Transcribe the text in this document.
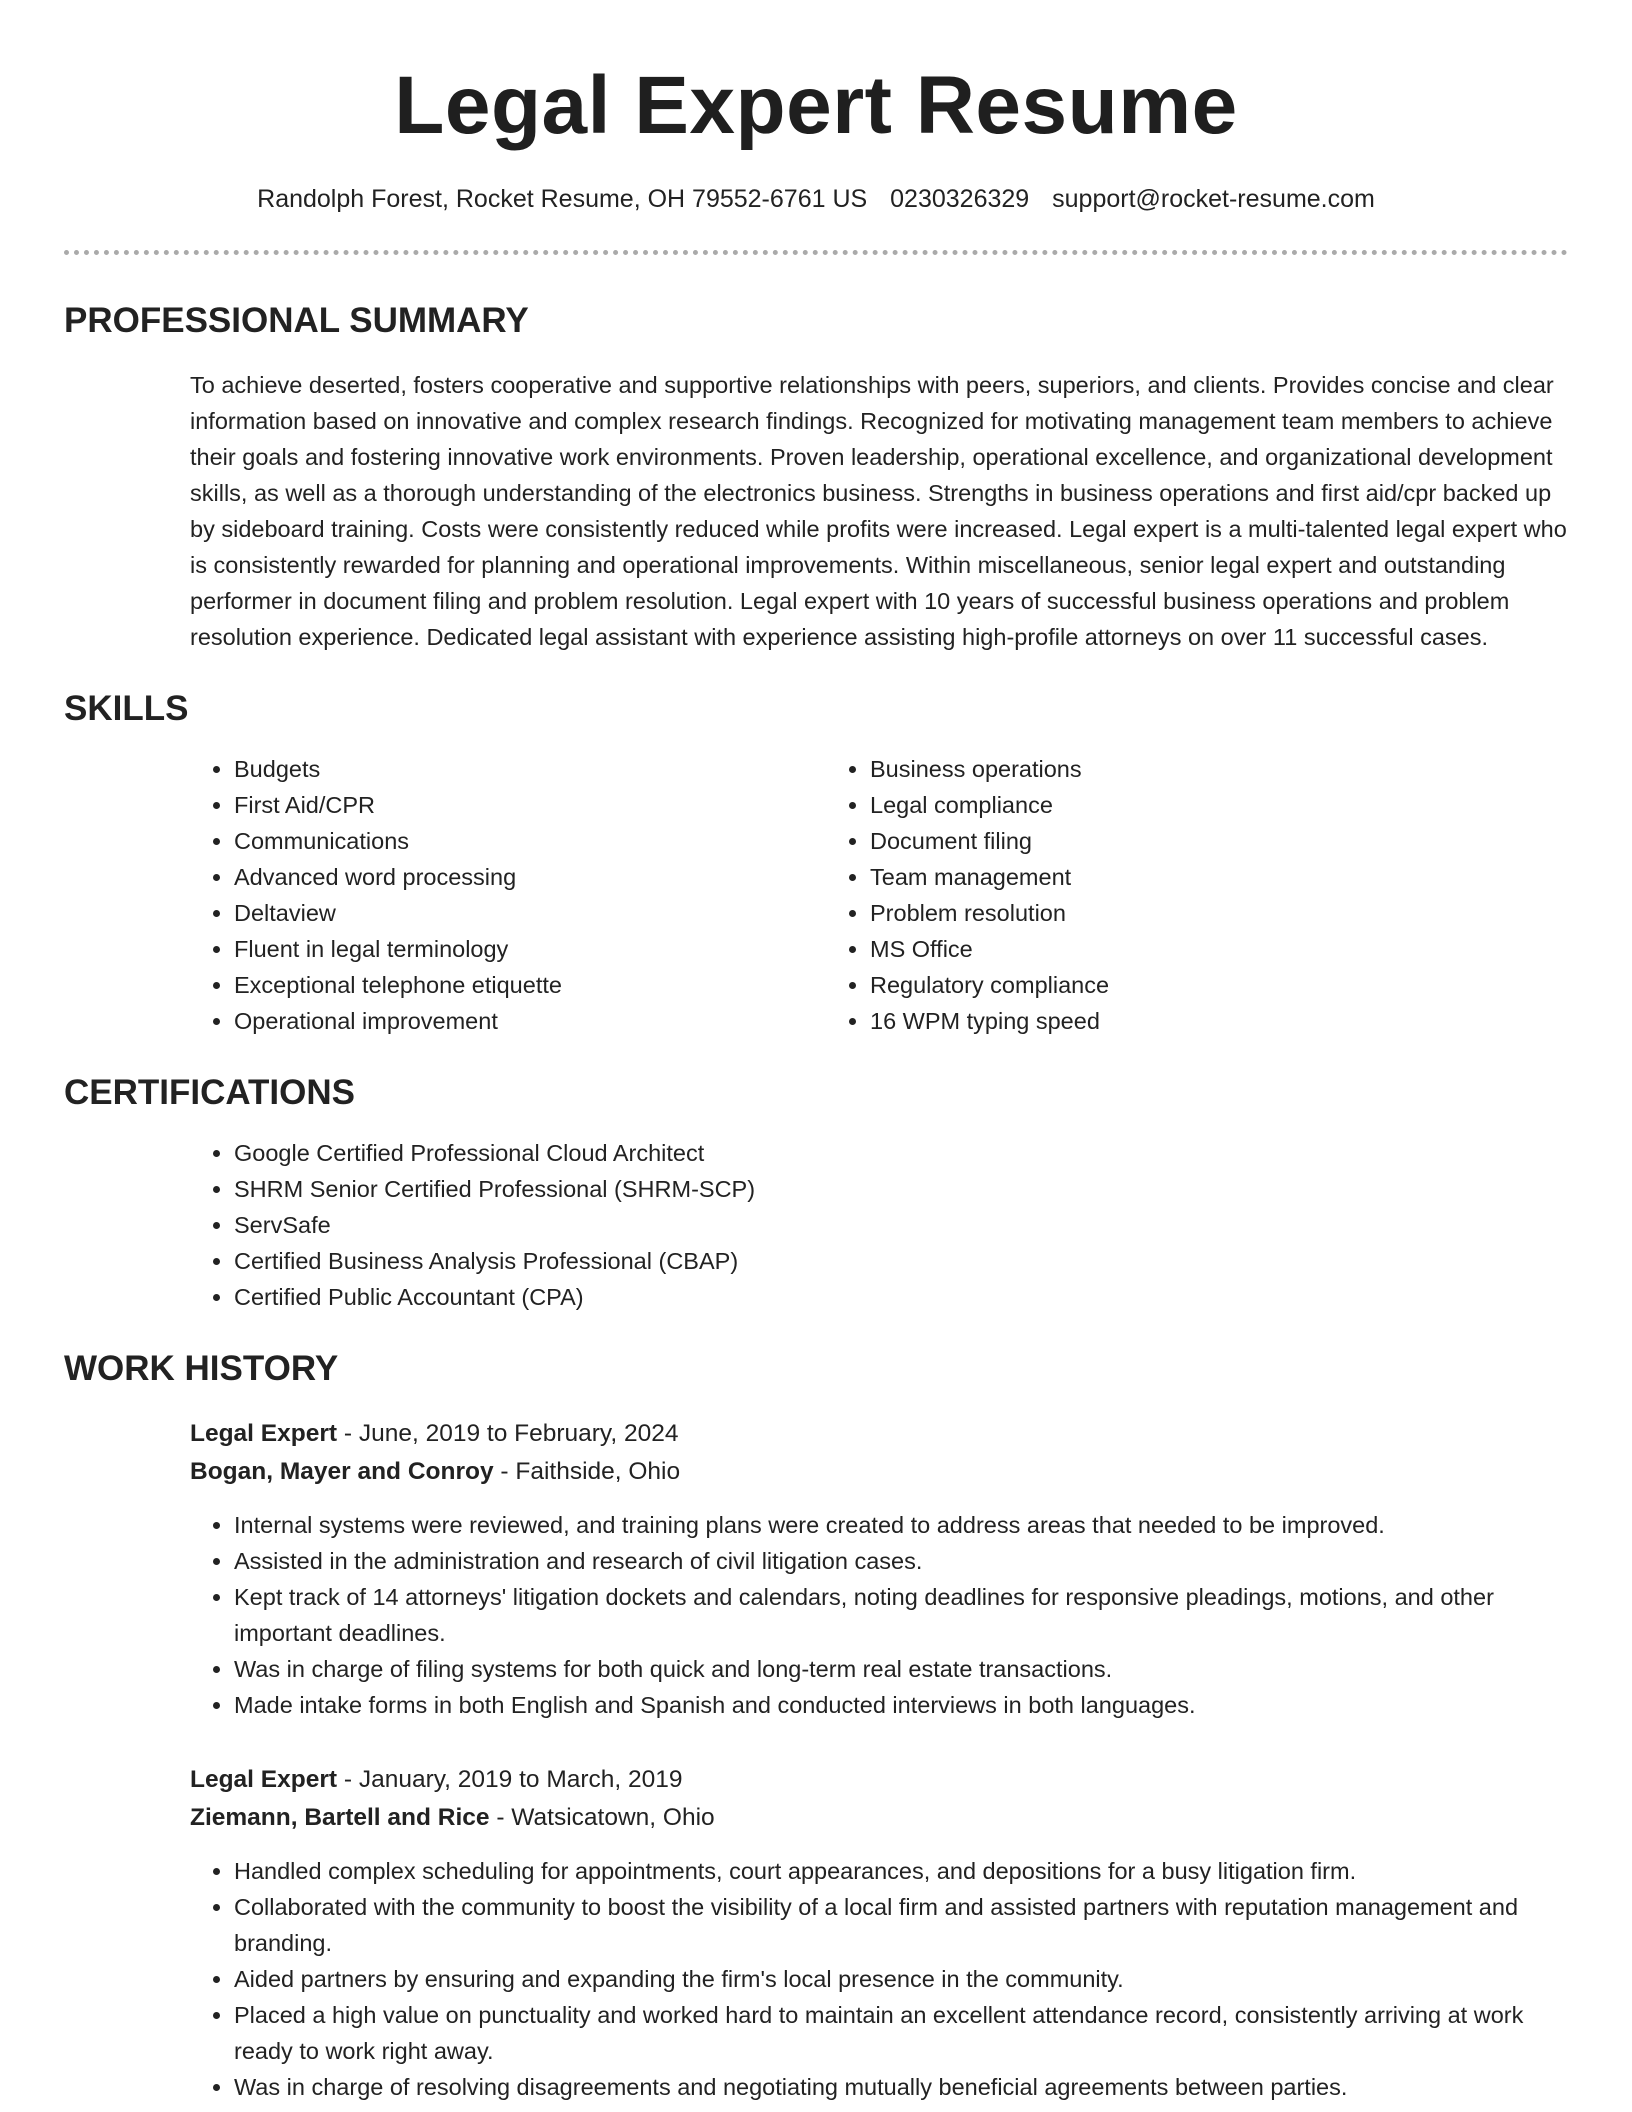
Legal Expert Resume
Randolph Forest, Rocket Resume, OH 79552-6761 US 0230326329 support@rocket-resume.com
PROFESSIONAL SUMMARY

To achieve deserted, fosters cooperative and supportive relationships with peers, superiors, and clients. Provides concise and clear information based on innovative and complex research findings. Recognized for motivating management team members to achieve their goals and fostering innovative work environments. Proven leadership, operational excellence, and organizational development skills, as well as a thorough understanding of the electronics business. Strengths in business operations and first aid/cpr backed up by sideboard training. Costs were consistently reduced while profits were increased. Legal expert is a multi-talented legal expert who is consistently rewarded for planning and operational improvements. Within miscellaneous, senior legal expert and outstanding performer in document filing and problem resolution. Legal expert with 10 years of successful business operations and problem resolution experience. Dedicated legal assistant with experience assisting high-profile attorneys on over 11 successful cases.

SKILLS
• Budgets
• First Aid/CPR
• Communications
• Advanced word processing
• Deltaview
• Fluent in legal terminology
• Exceptional telephone etiquette
• Operational improvement
• Business operations
• Legal compliance
• Document filing
• Team management
• Problem resolution
• MS Office
• Regulatory compliance
• 16 WPM typing speed
CERTIFICATIONS
• Google Certified Professional Cloud Architect
• SHRM Senior Certified Professional (SHRM-SCP)
• ServSafe
• Certified Business Analysis Professional (CBAP)
• Certified Public Accountant (CPA)
WORK HISTORY
Legal Expert - June, 2019 to February, 2024
Bogan, Mayer and Conroy - Faithside, Ohio
• Internal systems were reviewed, and training plans were created to address areas that needed to be improved.
• Assisted in the administration and research of civil litigation cases.
• Kept track of 14 attorneys' litigation dockets and calendars, noting deadlines for responsive pleadings, motions, and other important deadlines.
• Was in charge of filing systems for both quick and long-term real estate transactions.
• Made intake forms in both English and Spanish and conducted interviews in both languages.
Legal Expert - January, 2019 to March, 2019
Ziemann, Bartell and Rice - Watsicatown, Ohio
• Handled complex scheduling for appointments, court appearances, and depositions for a busy litigation firm.
• Collaborated with the community to boost the visibility of a local firm and assisted partners with reputation management and branding.
• Aided partners by ensuring and expanding the firm's local presence in the community.
• Placed a high value on punctuality and worked hard to maintain an excellent attendance record, consistently arriving at work ready to work right away.
• Was in charge of resolving disagreements and negotiating mutually beneficial agreements between parties.
